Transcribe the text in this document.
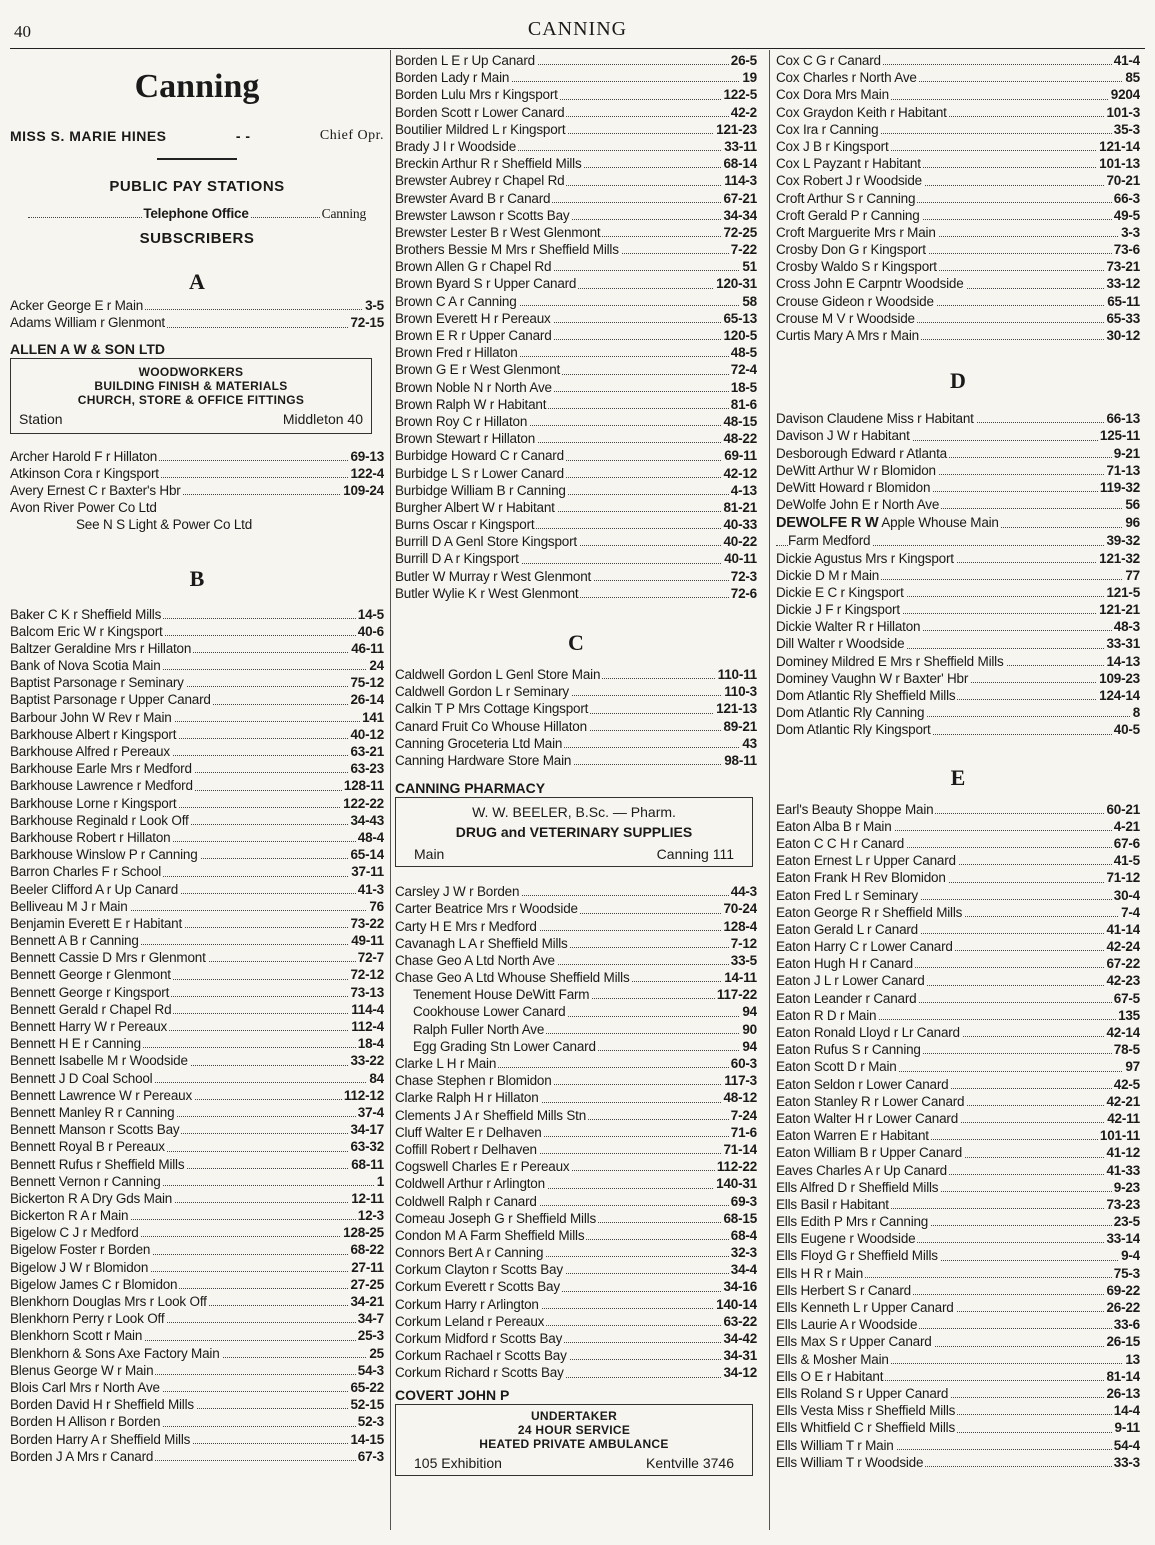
40	CANNING
Canning
MISS S. MARIE HINES	- -	Chief Opr.
PUBLIC PAY STATIONS
Telephone Office	Canning
SUBSCRIBERS
A
Acker George E r Main	3-5
Adams William r Glenmont	72-15
ALLEN A W & SON LTD
WOODWORKERS
BUILDING FINISH & MATERIALS
CHURCH, STORE & OFFICE FITTINGS
Station	Middleton 40
Archer Harold F r Hillaton	69-13
Atkinson Cora r Kingsport	122-4
Avery Ernest C r Baxter's Hbr	109-24
Avon River Power Co Ltd
See N S Light & Power Co Ltd
B
Baker C K r Sheffield Mills	14-5
Balcom Eric W r Kingsport	40-6
Baltzer Geraldine Mrs r Hillaton	46-11
Bank of Nova Scotia Main	24
Baptist Parsonage r Seminary	75-12
Baptist Parsonage r Upper Canard	26-14
Barbour John W Rev r Main	141
Barkhouse Albert r Kingsport	40-12
Barkhouse Alfred r Pereaux	63-21
Barkhouse Earle Mrs r Medford	63-23
Barkhouse Lawrence r Medford	128-11
Barkhouse Lorne r Kingsport	122-22
Barkhouse Reginald r Look Off	34-43
Barkhouse Robert r Hillaton	48-4
Barkhouse Winslow P r Canning	65-14
Barron Charles F r School	37-11
Beeler Clifford A r Up Canard	41-3
Belliveau M J r Main	76
Benjamin Everett E r Habitant	73-22
Bennett A B r Canning	49-11
Bennett Cassie D Mrs r Glenmont	72-7
Bennett George r Glenmont	72-12
Bennett George r Kingsport	73-13
Bennett Gerald r Chapel Rd	114-4
Bennett Harry W r Pereaux	112-4
Bennett H E r Canning	18-4
Bennett Isabelle M r Woodside	33-22
Bennett J D Coal School	84
Bennett Lawrence W r Pereaux	112-12
Bennett Manley R r Canning	37-4
Bennett Manson r Scotts Bay	34-17
Bennett Royal B r Pereaux	63-32
Bennett Rufus r Sheffield Mills	68-11
Bennett Vernon r Canning	1
Bickerton R A Dry Gds Main	12-11
Bickerton R A r Main	12-3
Bigelow C J r Medford	128-25
Bigelow Foster r Borden	68-22
Bigelow J W r Blomidon	27-11
Bigelow James C r Blomidon	27-25
Blenkhorn Douglas Mrs r Look Off	34-21
Blenkhorn Perry r Look Off	34-7
Blenkhorn Scott r Main	25-3
Blenkhorn & Sons Axe Factory Main	25
Blenus George W r Main	54-3
Blois Carl Mrs r North Ave	65-22
Borden David H r Sheffield Mills	52-15
Borden H Allison r Borden	52-3
Borden Harry A r Sheffield Mills	14-15
Borden J A Mrs r Canard	67-3
Borden L E r Up Canard	26-5
Borden Lady r Main	19
Borden Lulu Mrs r Kingsport	122-5
Borden Scott r Lower Canard	42-2
Boutilier Mildred L r Kingsport	121-23
Brady J I r Woodside	33-11
Breckin Arthur R r Sheffield Mills	68-14
Brewster Aubrey r Chapel Rd	114-3
Brewster Avard B r Canard	67-21
Brewster Lawson r Scotts Bay	34-34
Brewster Lester B r West Glenmont	72-25
Brothers Bessie M Mrs r Sheffield Mills	7-22
Brown Allen G r Chapel Rd	51
Brown Byard S r Upper Canard	120-31
Brown C A r Canning	58
Brown Everett H r Pereaux	65-13
Brown E R r Upper Canard	120-5
Brown Fred r Hillaton	48-5
Brown G E r West Glenmont	72-4
Brown Noble N r North Ave	18-5
Brown Ralph W r Habitant	81-6
Brown Roy C r Hillaton	48-15
Brown Stewart r Hillaton	48-22
Burbidge Howard C r Canard	69-11
Burbidge L S r Lower Canard	42-12
Burbidge William B r Canning	4-13
Burgher Albert W r Habitant	81-21
Burns Oscar r Kingsport	40-33
Burrill D A Genl Store Kingsport	40-22
Burrill D A r Kingsport	40-11
Butler W Murray r West Glenmont	72-3
Butler Wylie K r West Glenmont	72-6
C
Caldwell Gordon L Genl Store Main	110-11
Caldwell Gordon L r Seminary	110-3
Calkin T P Mrs Cottage Kingsport	121-13
Canard Fruit Co Whouse Hillaton	89-21
Canning Groceteria Ltd Main	43
Canning Hardware Store Main	98-11
CANNING PHARMACY
W. W. BEELER, B.Sc. — Pharm.
DRUG and VETERINARY SUPPLIES
Main	Canning 111
Carsley J W r Borden	44-3
Carter Beatrice Mrs r Woodside	70-24
Carty H E Mrs r Medford	128-4
Cavanagh L A r Sheffield Mills	7-12
Chase Geo A Ltd North Ave	33-5
Chase Geo A Ltd Whouse Sheffield Mills	14-11
Tenement House DeWitt Farm	117-22
Cookhouse Lower Canard	94
Ralph Fuller North Ave	90
Egg Grading Stn Lower Canard	94
Clarke L H r Main	60-3
Chase Stephen r Blomidon	117-3
Clarke Ralph H r Hillaton	48-12
Clements J A r Sheffield Mills Stn	7-24
Cluff Walter E r Delhaven	71-6
Coffill Robert r Delhaven	71-14
Cogswell Charles E r Pereaux	112-22
Coldwell Arthur r Arlington	140-31
Coldwell Ralph r Canard	69-3
Comeau Joseph G r Sheffield Mills	68-15
Condon M A Farm Sheffield Mills	68-4
Connors Bert A r Canning	32-3
Corkum Clayton r Scotts Bay	34-4
Corkum Everett r Scotts Bay	34-16
Corkum Harry r Arlington	140-14
Corkum Leland r Pereaux	63-22
Corkum Midford r Scotts Bay	34-42
Corkum Rachael r Scotts Bay	34-31
Corkum Richard r Scotts Bay	34-12
COVERT JOHN P
UNDERTAKER
24 HOUR SERVICE
HEATED PRIVATE AMBULANCE
105 Exhibition	Kentville 3746
Cox C G r Canard	41-4
Cox Charles r North Ave	85
Cox Dora Mrs Main	9204
Cox Graydon Keith r Habitant	101-3
Cox Ira r Canning	35-3
Cox J B r Kingsport	121-14
Cox L Payzant r Habitant	101-13
Cox Robert J r Woodside	70-21
Croft Arthur S r Canning	66-3
Croft Gerald P r Canning	49-5
Croft Marguerite Mrs r Main	3-3
Crosby Don G r Kingsport	73-6
Crosby Waldo S r Kingsport	73-21
Cross John E Carpntr Woodside	33-12
Crouse Gideon r Woodside	65-11
Crouse M V r Woodside	65-33
Curtis Mary A Mrs r Main	30-12
D
Davison Claudene Miss r Habitant	66-13
Davison J W r Habitant	125-11
Desborough Edward r Atlanta	9-21
DeWitt Arthur W r Blomidon	71-13
DeWitt Howard r Blomidon	119-32
DeWolfe John E r North Ave	56
DEWOLFE R W Apple Whouse Main	96
Farm Medford	39-32
Dickie Agustus Mrs r Kingsport	121-32
Dickie D M r Main	77
Dickie E C r Kingsport	121-5
Dickie J F r Kingsport	121-21
Dickie Walter R r Hillaton	48-3
Dill Walter r Woodside	33-31
Dominey Mildred E Mrs r Sheffield Mills	14-13
Dominey Vaughn W r Baxter' Hbr	109-23
Dom Atlantic Rly Sheffield Mills	124-14
Dom Atlantic Rly Canning	8
Dom Atlantic Rly Kingsport	40-5
E
Earl's Beauty Shoppe Main	60-21
Eaton Alba B r Main	4-21
Eaton C C H r Canard	67-6
Eaton Ernest L r Upper Canard	41-5
Eaton Frank H Rev Blomidon	71-12
Eaton Fred L r Seminary	30-4
Eaton George R r Sheffield Mills	7-4
Eaton Gerald L r Canard	41-14
Eaton Harry C r Lower Canard	42-24
Eaton Hugh H r Canard	67-22
Eaton J L r Lower Canard	42-23
Eaton Leander r Canard	67-5
Eaton R D r Main	135
Eaton Ronald Lloyd r Lr Canard	42-14
Eaton Rufus S r Canning	78-5
Eaton Scott D r Main	97
Eaton Seldon r Lower Canard	42-5
Eaton Stanley R r Lower Canard	42-21
Eaton Walter H r Lower Canard	42-11
Eaton Warren E r Habitant	101-11
Eaton William B r Upper Canard	41-12
Eaves Charles A r Up Canard	41-33
Ells Alfred D r Sheffield Mills	9-23
Ells Basil r Habitant	73-23
Ells Edith P Mrs r Canning	23-5
Ells Eugene r Woodside	33-14
Ells Floyd G r Sheffield Mills	9-4
Ells H R r Main	75-3
Ells Herbert S r Canard	69-22
Ells Kenneth L r Upper Canard	26-22
Ells Laurie A r Woodside	33-6
Ells Max S r Upper Canard	26-15
Ells & Mosher Main	13
Ells O E r Habitant	81-14
Ells Roland S r Upper Canard	26-13
Ells Vesta Miss r Sheffield Mills	14-4
Ells Whitfield C r Sheffield Mills	9-11
Ells William T r Main	54-4
Ells William T r Woodside	33-3
